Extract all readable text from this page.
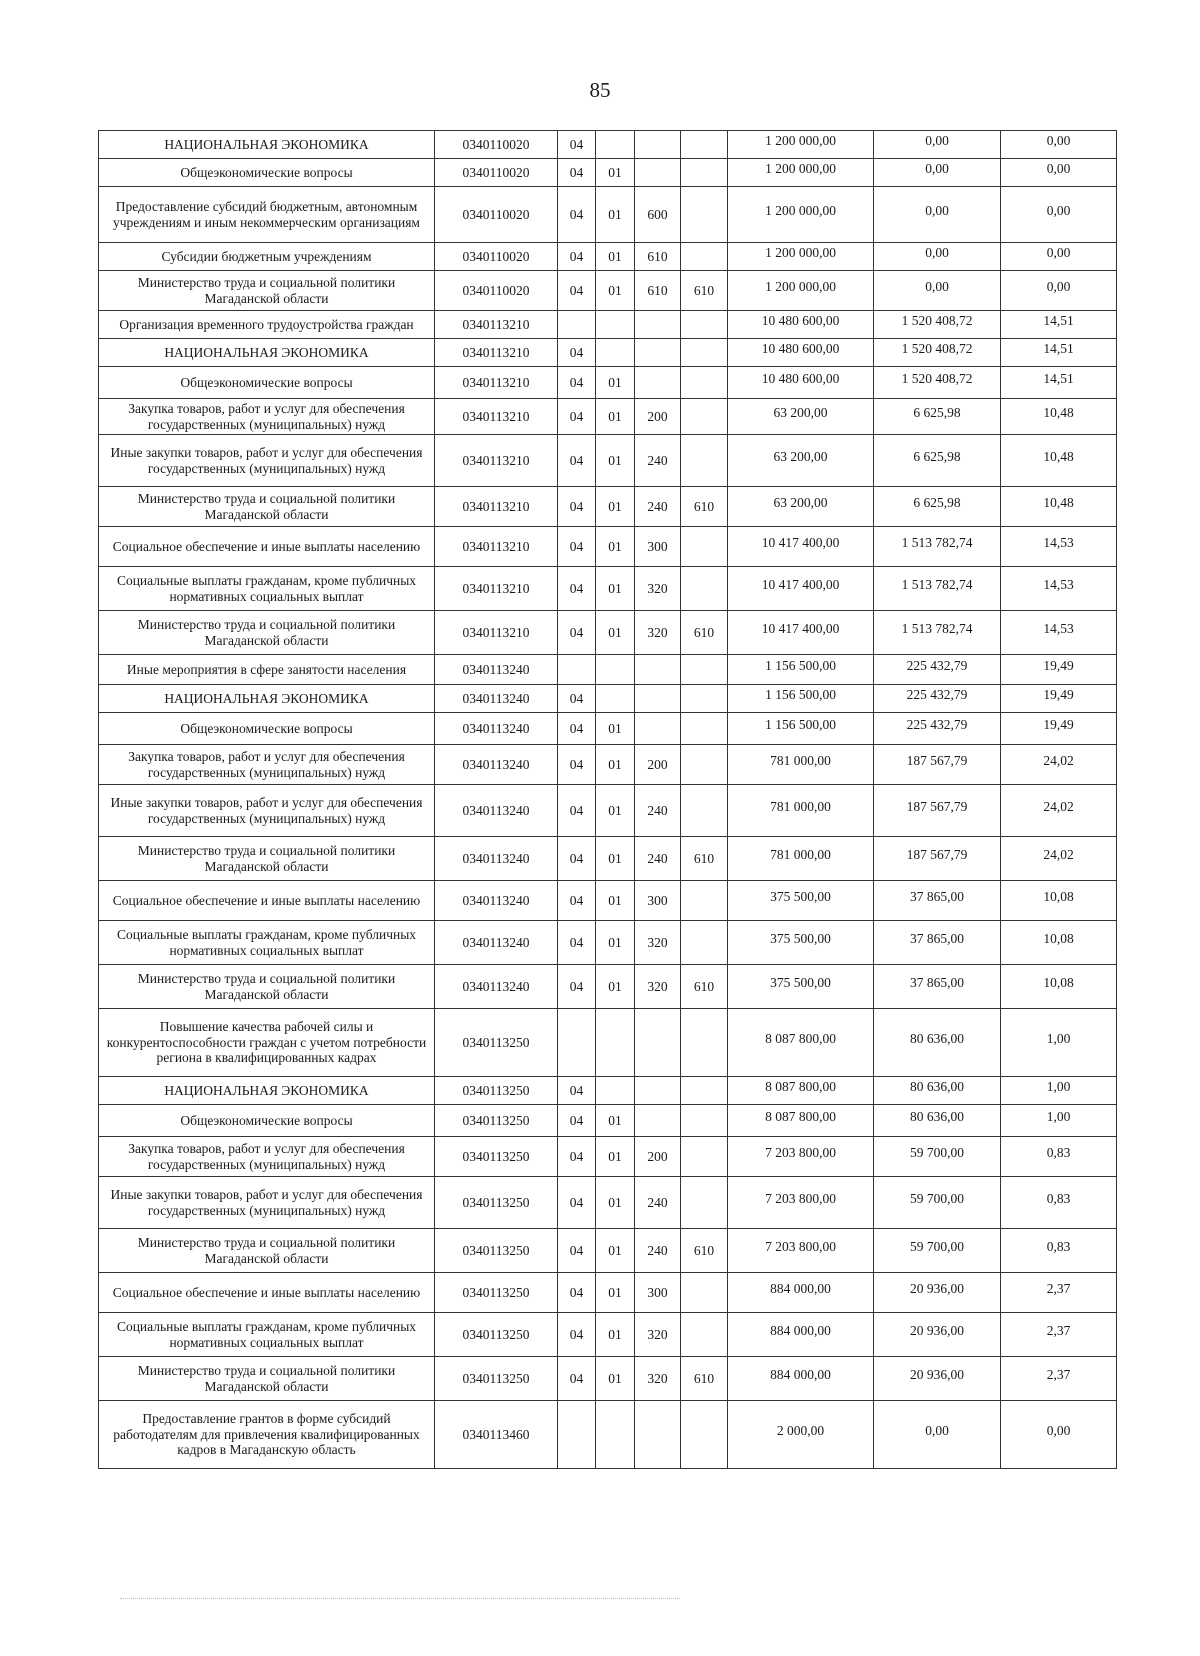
85
НАЦИОНАЛЬНАЯ ЭКОНОМИКА	0340110020	04				1 200 000,00	0,00	0,00
Общеэкономические вопросы	0340110020	04	01			1 200 000,00	0,00	0,00
Предоставление субсидий бюджетным, автономным учреждениям и иным некоммерческим организациям	0340110020	04	01	600		1 200 000,00	0,00	0,00
Субсидии бюджетным учреждениям	0340110020	04	01	610		1 200 000,00	0,00	0,00
Министерство труда и социальной политики Магаданской области	0340110020	04	01	610	610	1 200 000,00	0,00	0,00
Организация временного трудоустройства граждан	0340113210					10 480 600,00	1 520 408,72	14,51
НАЦИОНАЛЬНАЯ ЭКОНОМИКА	0340113210	04				10 480 600,00	1 520 408,72	14,51
Общеэкономические вопросы	0340113210	04	01			10 480 600,00	1 520 408,72	14,51
Закупка товаров, работ и услуг для обеспечения государственных (муниципальных) нужд	0340113210	04	01	200		63 200,00	6 625,98	10,48
Иные закупки товаров, работ и услуг для обеспечения государственных (муниципальных) нужд	0340113210	04	01	240		63 200,00	6 625,98	10,48
Министерство труда и социальной политики Магаданской области	0340113210	04	01	240	610	63 200,00	6 625,98	10,48
Социальное обеспечение и иные выплаты населению	0340113210	04	01	300		10 417 400,00	1 513 782,74	14,53
Социальные выплаты гражданам, кроме публичных нормативных социальных выплат	0340113210	04	01	320		10 417 400,00	1 513 782,74	14,53
Министерство труда и социальной политики Магаданской области	0340113210	04	01	320	610	10 417 400,00	1 513 782,74	14,53
Иные мероприятия в сфере занятости населения	0340113240					1 156 500,00	225 432,79	19,49
НАЦИОНАЛЬНАЯ ЭКОНОМИКА	0340113240	04				1 156 500,00	225 432,79	19,49
Общеэкономические вопросы	0340113240	04	01			1 156 500,00	225 432,79	19,49
Закупка товаров, работ и услуг для обеспечения государственных (муниципальных) нужд	0340113240	04	01	200		781 000,00	187 567,79	24,02
Иные закупки товаров, работ и услуг для обеспечения государственных (муниципальных) нужд	0340113240	04	01	240		781 000,00	187 567,79	24,02
Министерство труда и социальной политики Магаданской области	0340113240	04	01	240	610	781 000,00	187 567,79	24,02
Социальное обеспечение и иные выплаты населению	0340113240	04	01	300		375 500,00	37 865,00	10,08
Социальные выплаты гражданам, кроме публичных нормативных социальных выплат	0340113240	04	01	320		375 500,00	37 865,00	10,08
Министерство труда и социальной политики Магаданской области	0340113240	04	01	320	610	375 500,00	37 865,00	10,08
Повышение качества рабочей силы и конкурентоспособности граждан с учетом потребности региона в квалифицированных кадрах	0340113250					8 087 800,00	80 636,00	1,00
НАЦИОНАЛЬНАЯ ЭКОНОМИКА	0340113250	04				8 087 800,00	80 636,00	1,00
Общеэкономические вопросы	0340113250	04	01			8 087 800,00	80 636,00	1,00
Закупка товаров, работ и услуг для обеспечения государственных (муниципальных) нужд	0340113250	04	01	200		7 203 800,00	59 700,00	0,83
Иные закупки товаров, работ и услуг для обеспечения государственных (муниципальных) нужд	0340113250	04	01	240		7 203 800,00	59 700,00	0,83
Министерство труда и социальной политики Магаданской области	0340113250	04	01	240	610	7 203 800,00	59 700,00	0,83
Социальное обеспечение и иные выплаты населению	0340113250	04	01	300		884 000,00	20 936,00	2,37
Социальные выплаты гражданам, кроме публичных нормативных социальных выплат	0340113250	04	01	320		884 000,00	20 936,00	2,37
Министерство труда и социальной политики Магаданской области	0340113250	04	01	320	610	884 000,00	20 936,00	2,37
Предоставление грантов в форме субсидий работодателям для привлечения квалифицированных кадров в Магаданскую область	0340113460					2 000,00	0,00	0,00
